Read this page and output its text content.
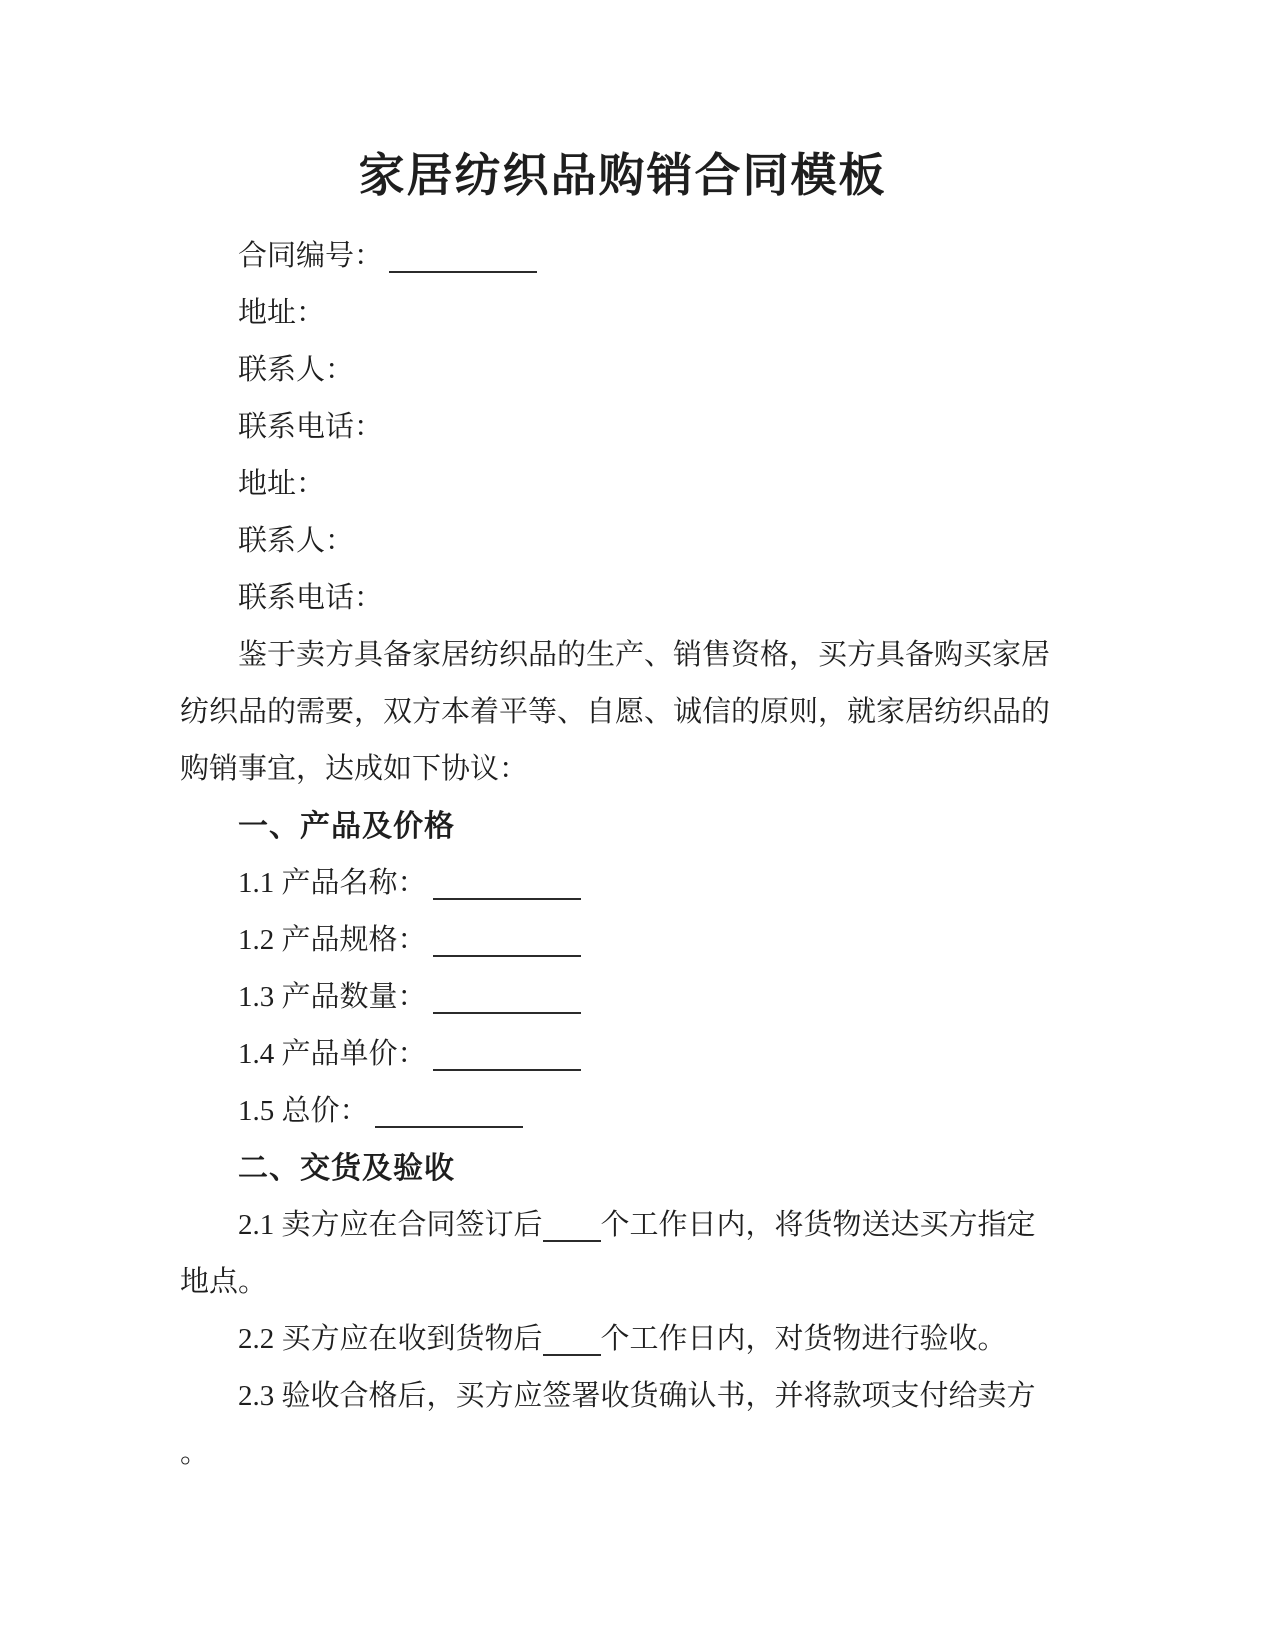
家居纺织品购销合同模板
合同编号：
地址：
联系人：
联系电话：
地址：
联系人：
联系电话：
鉴于卖方具备家居纺织品的生产、销售资格，买方具备购买家居
纺织品的需要，双方本着平等、自愿、诚信的原则，就家居纺织品的
购销事宜，达成如下协议：
一、产品及价格
1.1 产品名称：
1.2 产品规格：
1.3 产品数量：
1.4 产品单价：
1.5 总价：
二、交货及验收
2.1 卖方应在合同签订后 个工作日内，将货物送达买方指定
地点。
2.2 买方应在收到货物后 个工作日内，对货物进行验收。
2.3 验收合格后，买方应签署收货确认书，并将款项支付给卖方
。
